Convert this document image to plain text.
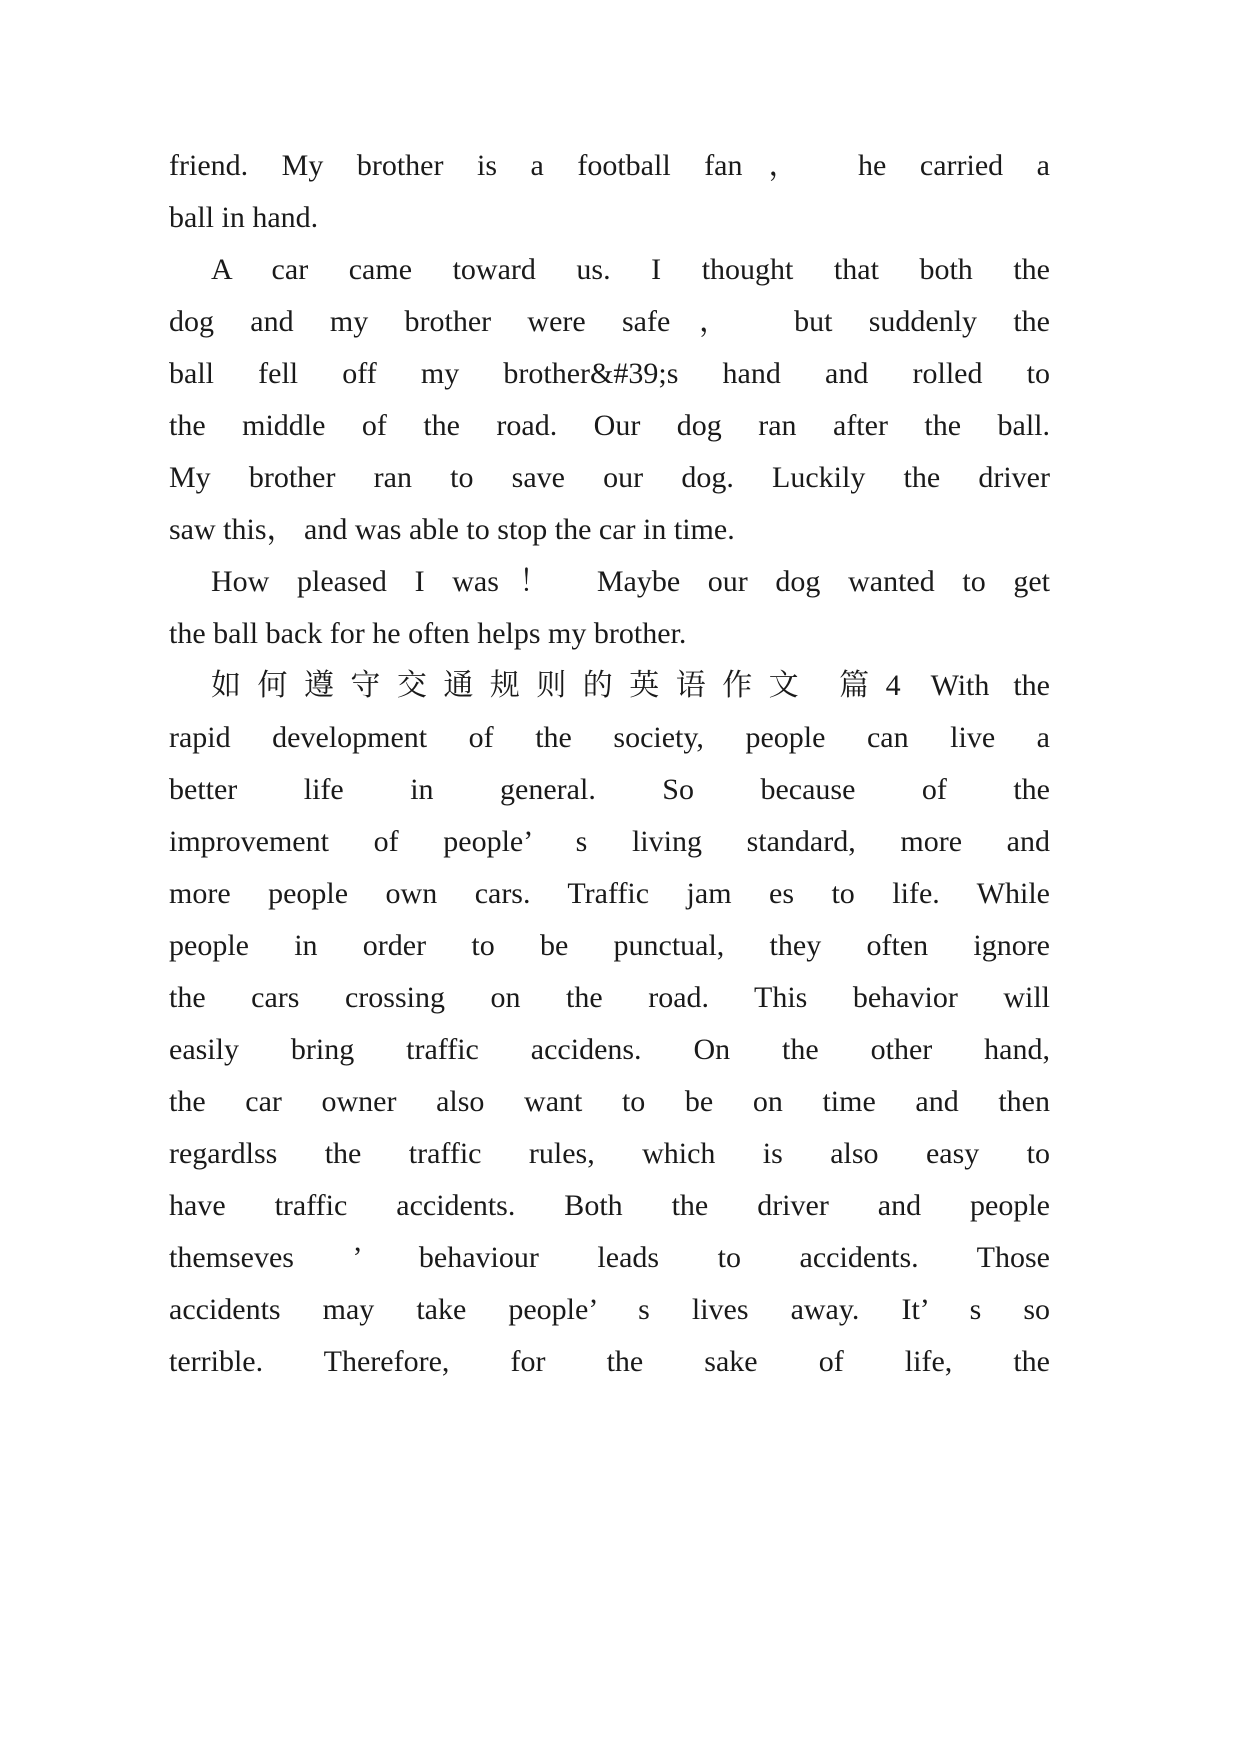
friend. My brother is a football fan， he carried a
ball in hand.
A car came toward us. I thought that both the
dog and my brother were safe， but suddenly the
ball fell off my brother&#39;s hand and rolled to
the middle of the road. Our dog ran after the ball.
My brother ran to save our dog. Luckily the driver
saw this， and was able to stop the car in time.
How pleased I was！ Maybe our dog wanted to get
the ball back for he often helps my brother.
如何遵守交通规则的英语作文 篇4 With the
rapid development of the society, people can live a
better life in general. So because of the
improvement of people’ s living standard, more and
more people own cars. Traffic jam es to life. While
people in order to be punctual, they often ignore
the cars crossing on the road. This behavior will
easily bring traffic accidens. On the other hand,
the car owner also want to be on time and then
regardlss the traffic rules, which is also easy to
have traffic accidents. Both the driver and people
themseves ’ behaviour leads to accidents. Those
accidents may take people’ s lives away. It’ s so
terrible. Therefore, for the sake of life, the
